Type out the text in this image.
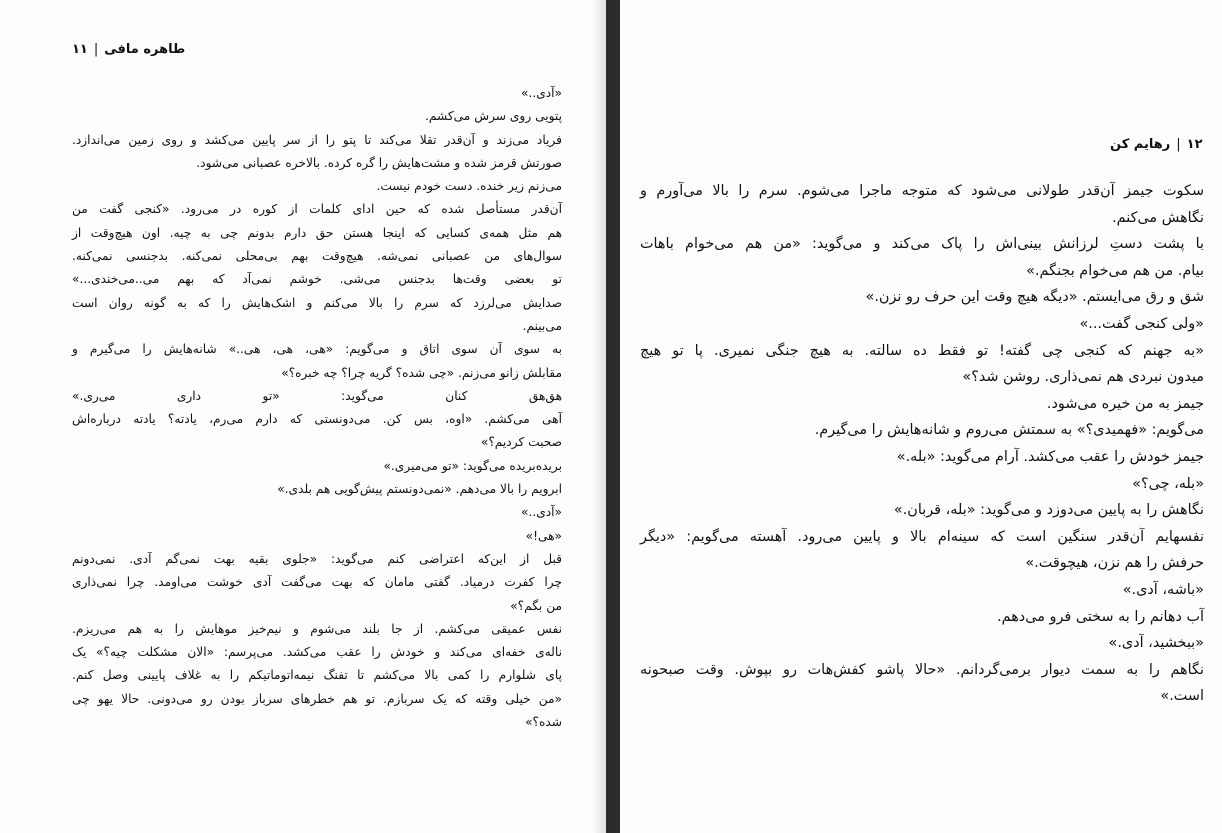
طاهره مافی|۱۱

«آدی..»

پتویی روی سرش می‌کشم.

فریاد می‌زند و آن‌قدر تقلا می‌کند تا پتو را از سر پایین می‌کشد و روی زمین می‌اندازد.

صورتش قرمز شده و مشت‌هایش را گره کرده. بالاخره عصبانی می‌شود.

می‌زنم زیر خنده. دست خودم نیست.

آن‌قدر مستأصل شده که حین ادای کلمات از کوره در می‌رود. «کنجی گفت من

هم مثل همه‌ی کسایی که اینجا هستن حق دارم بدونم چی به چیه. اون هیچ‌وقت از

سوال‌های من عصبانی نمی‌شه. هیچ‌وقت بهم بی‌محلی نمی‌کنه. بدجنسی نمی‌کنه.

تو بعضی وقت‌ها بدجنس می‌شی. خوشم نمی‌آد که بهم می..می‌خندی...»

صدایش می‌لرزد که سرم را بالا می‌کنم و اشک‌هایش را که به گونه روان است

می‌بینم.

به سوی آن سوی اتاق و می‌گویم: «هی، هی، هی..» شانه‌هایش را می‌گیرم و

مقابلش زانو می‌زنم. «چی شده؟ گریه چرا؟ چه خبره؟»

هق‌هق کنان می‌گوید: «تو داری می‌ری.»

آهی می‌کشم. «اوه، بس کن. می‌دونستی که دارم می‌رم، یادته؟ یادته درباره‌اش

صحبت کردیم؟»

بریده‌بریده می‌گوید: «تو می‌میری.»

ابرویم را بالا می‌دهم. «نمی‌دونستم پیش‌گویی هم بلدی.»

«آدی..»

«هی!»

قبل از این‌که اعتراضی کنم می‌گوید: «جلوی بقیه بهت نمی‌گم آدی. نمی‌دونم

چرا کفرت درمیاد. گفتی مامان که بهت می‌گفت آدی خوشت می‌اومد. چرا نمی‌ذاری

من بگم؟»

نفس عمیقی می‌کشم. از جا بلند می‌شوم و نیم‌خیز موهایش را به هم می‌ریزم.

ناله‌ی خفه‌ای می‌کند و خودش را عقب می‌کشد. می‌پرسم: «الان مشکلت چیه؟» یک

پای شلوارم را کمی بالا می‌کشم تا تفنگ نیمه‌اتوماتیکم را به غلاف پایینی وصل کنم.

«من خیلی وقته که یک سربازم. تو هم خطرهای سرباز بودن رو می‌دونی. حالا یهو چی

شده؟»

۱۲|رهایم کن

سکوت جیمز آن‌قدر طولانی می‌شود که متوجه ماجرا می‌شوم. سرم را بالا می‌آورم و

نگاهش می‌کنم.

با پشت دستِ لرزانش بینی‌اش را پاک می‌کند و می‌گوید: «من هم می‌خوام باهات

بیام. من هم می‌خوام بجنگم.»

شق و رق می‌ایستم. «دیگه هیچ وقت این حرف رو نزن.»

«ولی کنجی گفت...»

«به جهنم که کنجی چی گفته! تو فقط ده سالته. به هیچ جنگی نمیری. پا تو هیچ

میدون نبردی هم نمی‌ذاری. روشن شد؟»

جیمز به من خیره می‌شود.

می‌گویم: «فهمیدی؟» به سمتش می‌روم و شانه‌هایش را می‌گیرم.

جیمز خودش را عقب می‌کشد. آرام می‌گوید: «بله.»

«بله، چی؟»

نگاهش را به پایین می‌دوزد و می‌گوید: «بله، قربان.»

نفسهایم آن‌قدر سنگین است که سینه‌ام بالا و پایین می‌رود. آهسته می‌گویم: «دیگر

حرفش را هم نزن، هیچوقت.»

«باشه، آدی.»

آب دهانم را به سختی فرو می‌دهم.

«ببخشید، آدی.»

نگاهم را به سمت دیوار برمی‌گردانم. «حالا پاشو کفش‌هات رو بپوش. وقت صبحونه

است.»
